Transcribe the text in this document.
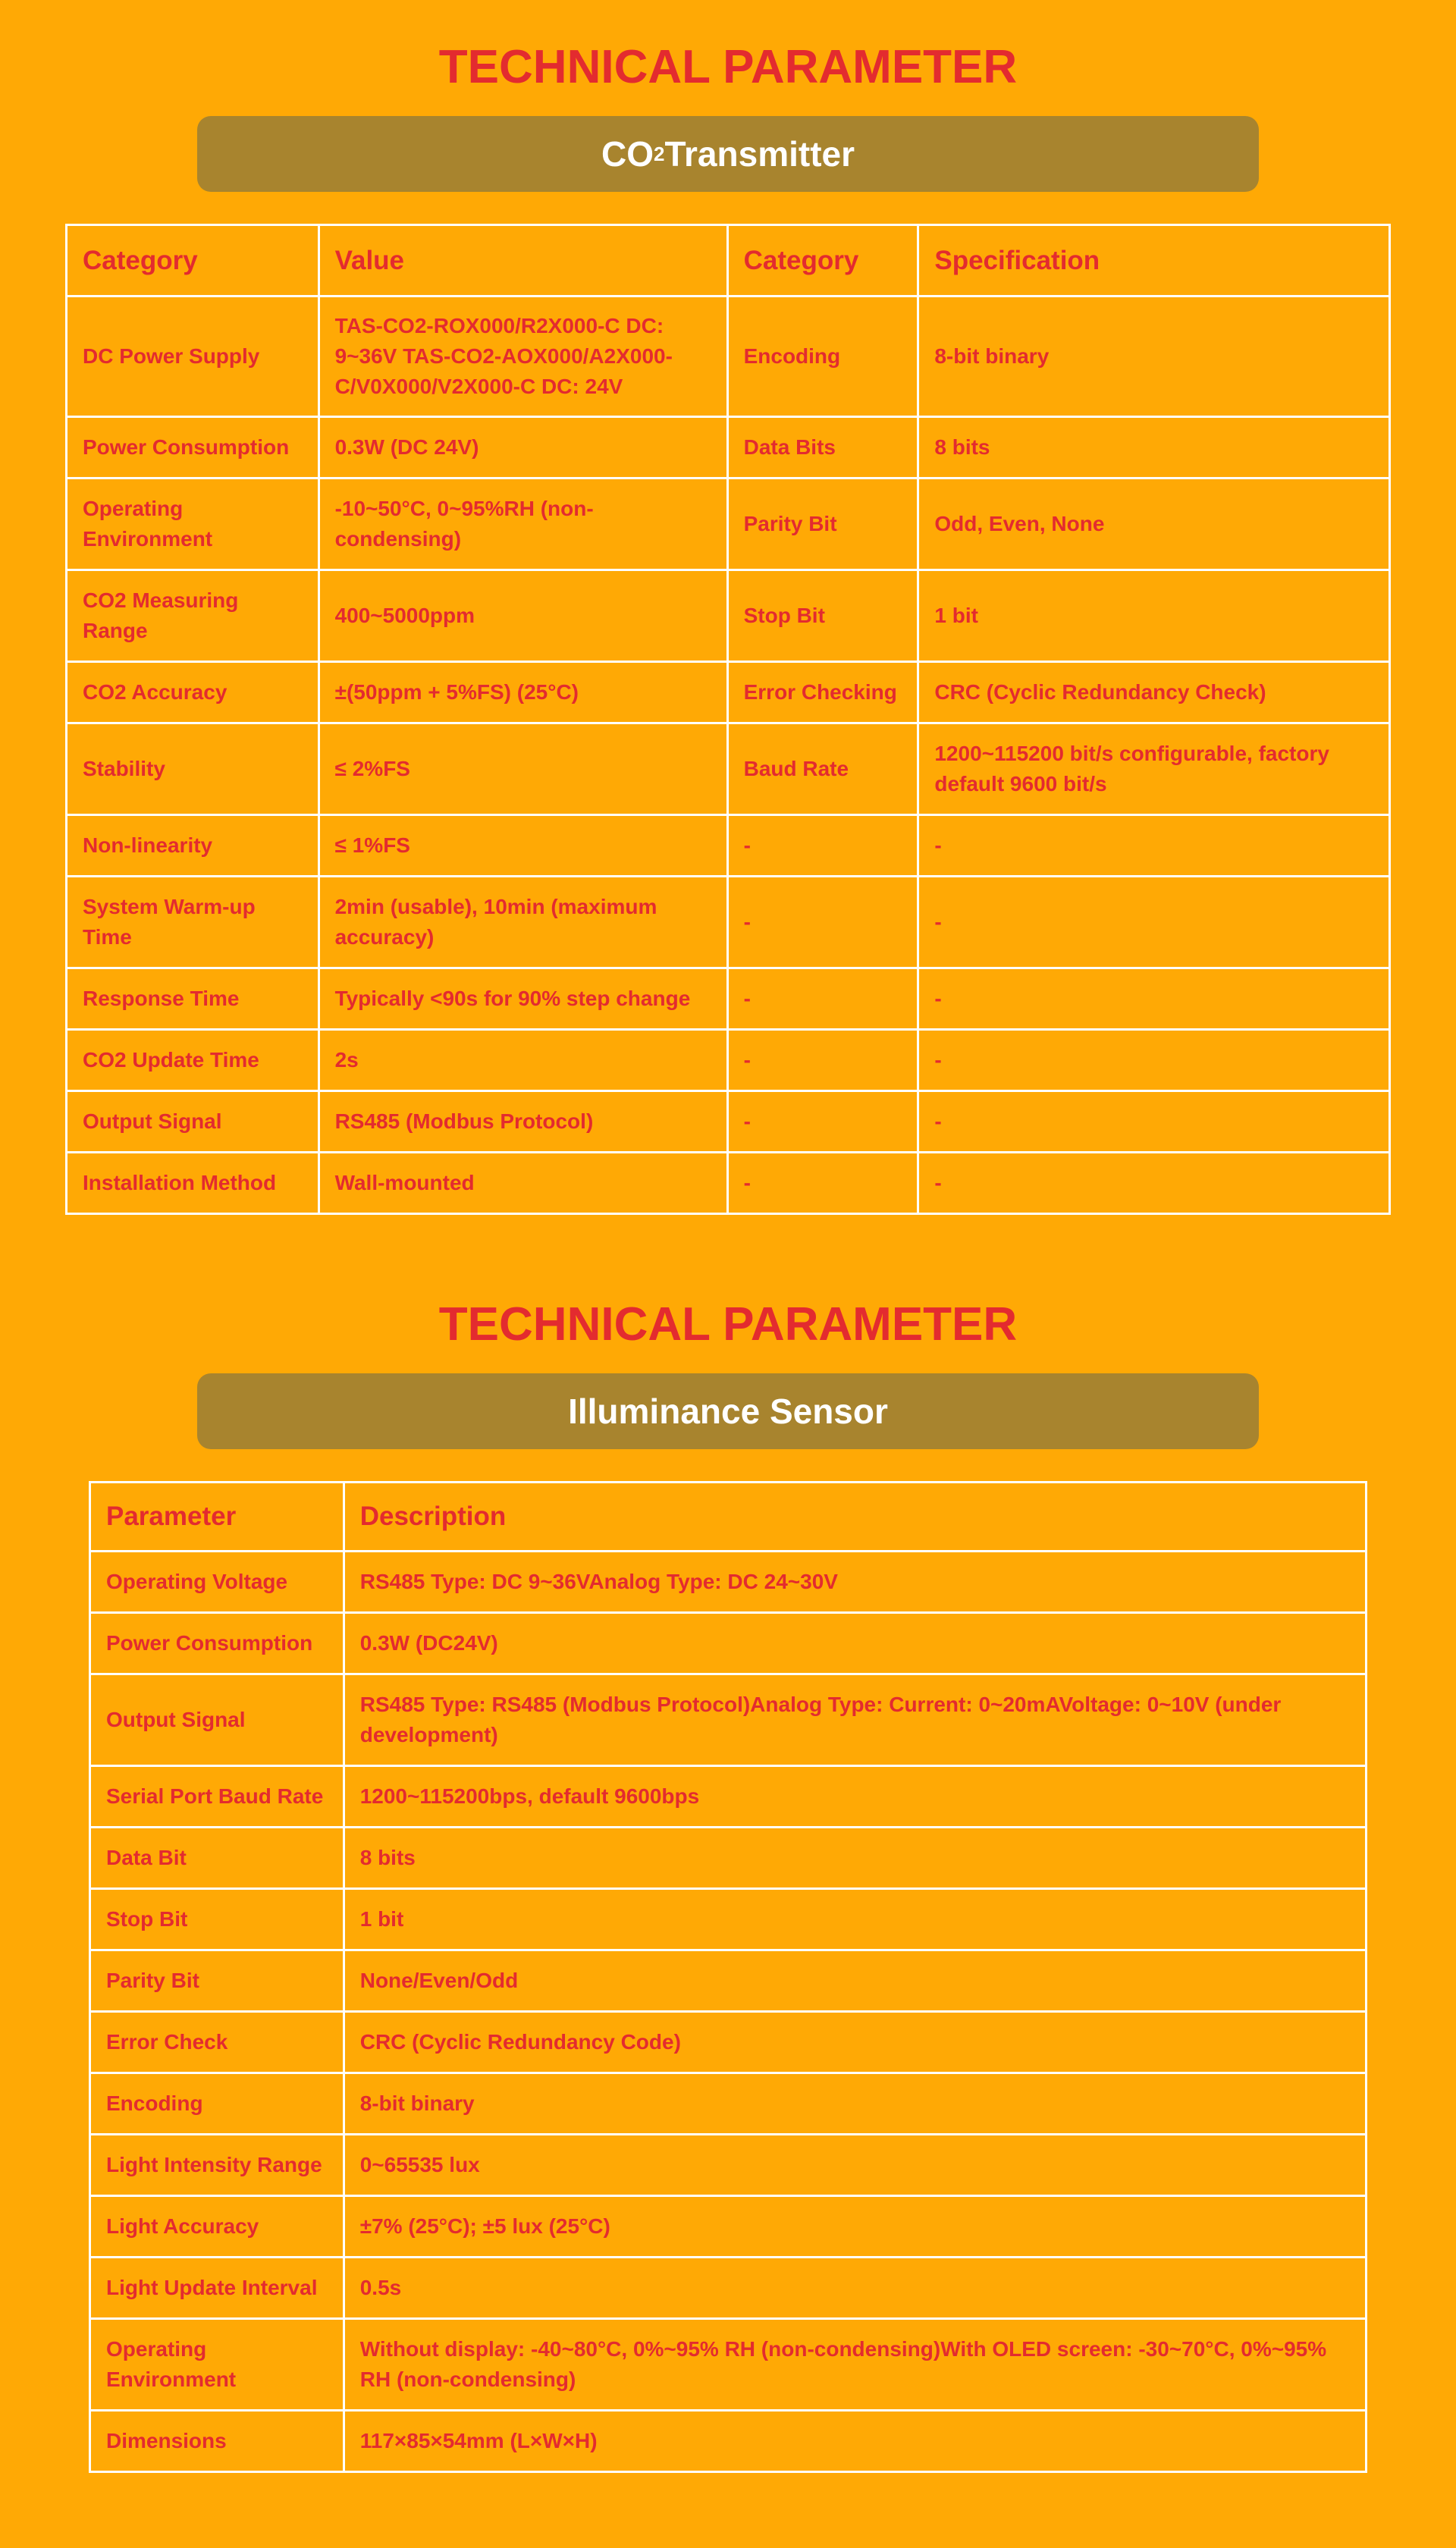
TECHNICAL PARAMETER
CO 2 Transmitter
Category	Value	Category	Specification
DC Power Supply	TAS-CO2-ROX000/R2X000-C DC: 9~36V TAS-CO2-AOX000/A2X000-C/V0X000/V2X000-C DC: 24V	Encoding	8-bit binary
Power Consumption	0.3W (DC 24V)	Data Bits	8 bits
Operating Environment	-10~50°C, 0~95%RH (non-condensing)	Parity Bit	Odd, Even, None
CO2 Measuring Range	400~5000ppm	Stop Bit	1 bit
CO2 Accuracy	±(50ppm + 5%FS) (25°C)	Error Checking	CRC (Cyclic Redundancy Check)
Stability	≤ 2%FS	Baud Rate	1200~115200 bit/s configurable, factory default 9600 bit/s
Non-linearity	≤ 1%FS	-	-
System Warm-up Time	2min (usable), 10min (maximum accuracy)	-	-
Response Time	Typically <90s for 90% step change	-	-
CO2 Update Time	2s	-	-
Output Signal	RS485 (Modbus Protocol)	-	-
Installation Method	Wall-mounted	-	-
TECHNICAL PARAMETER
Illuminance Sensor
Parameter	Description
Operating Voltage	RS485 Type: DC 9~36VAnalog Type: DC 24~30V
Power Consumption	0.3W (DC24V)
Output Signal	RS485 Type: RS485 (Modbus Protocol)Analog Type: Current: 0~20mAVoltage: 0~10V (under development)
Serial Port Baud Rate	1200~115200bps, default 9600bps
Data Bit	8 bits
Stop Bit	1 bit
Parity Bit	None/Even/Odd
Error Check	CRC (Cyclic Redundancy Code)
Encoding	8-bit binary
Light Intensity Range	0~65535 lux
Light Accuracy	±7% (25°C); ±5 lux (25°C)
Light Update Interval	0.5s
Operating Environment	Without display: -40~80°C, 0%~95% RH (non-condensing)With OLED screen: -30~70°C, 0%~95% RH (non-condensing)
Dimensions	117×85×54mm (L×W×H)
